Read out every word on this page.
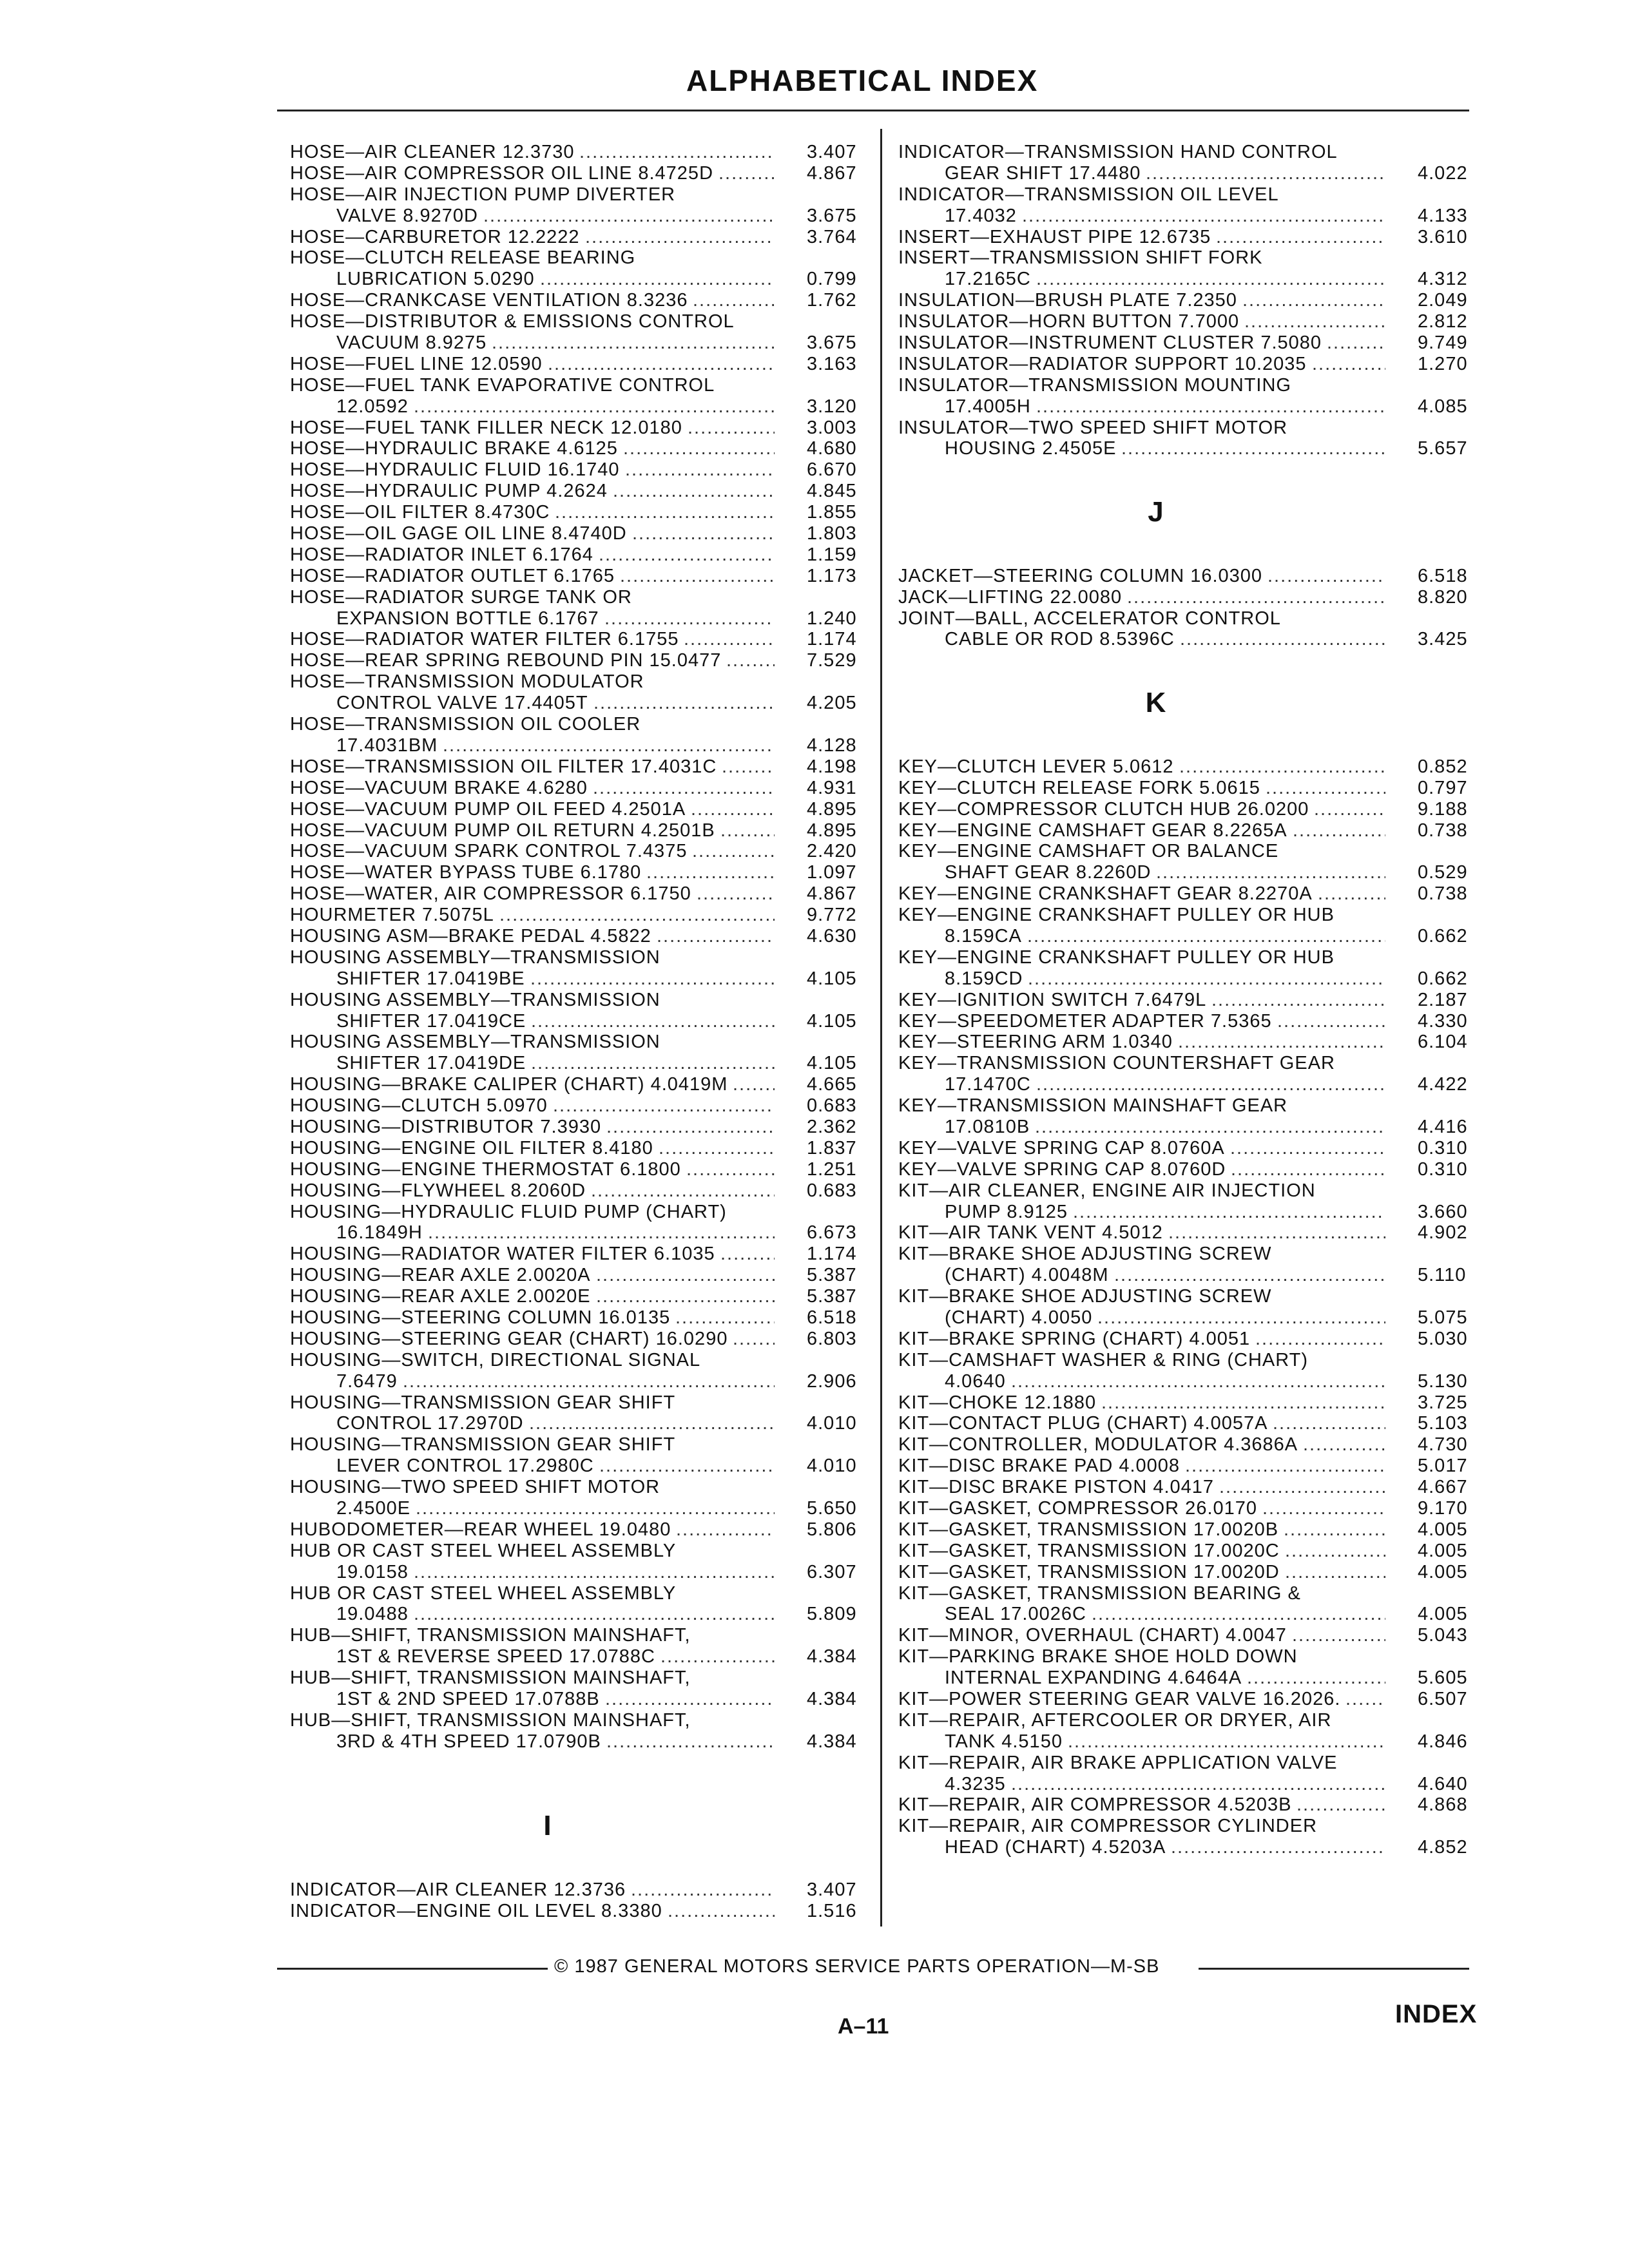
ALPHABETICAL INDEX
HOSE—AIR CLEANER 12.3730 .....	3.407
HOSE—AIR COMPRESSOR OIL LINE 8.4725D .....	4.867
HOSE—AIR INJECTION PUMP DIVERTER
VALVE 8.9270D .....	3.675
HOSE—CARBURETOR 12.2222 .....	3.764
HOSE—CLUTCH RELEASE BEARING
LUBRICATION 5.0290 .....	0.799
HOSE—CRANKCASE VENTILATION 8.3236 .....	1.762
HOSE—DISTRIBUTOR & EMISSIONS CONTROL
VACUUM 8.9275 .....	3.675
HOSE—FUEL LINE 12.0590 .....	3.163
HOSE—FUEL TANK EVAPORATIVE CONTROL
12.0592 .....	3.120
HOSE—FUEL TANK FILLER NECK 12.0180 .....	3.003
HOSE—HYDRAULIC BRAKE 4.6125 .....	4.680
HOSE—HYDRAULIC FLUID 16.1740 .....	6.670
HOSE—HYDRAULIC PUMP 4.2624 .....	4.845
HOSE—OIL FILTER 8.4730C .....	1.855
HOSE—OIL GAGE OIL LINE 8.4740D .....	1.803
HOSE—RADIATOR INLET 6.1764 .....	1.159
HOSE—RADIATOR OUTLET 6.1765 .....	1.173
HOSE—RADIATOR SURGE TANK OR
EXPANSION BOTTLE 6.1767 .....	1.240
HOSE—RADIATOR WATER FILTER 6.1755 .....	1.174
HOSE—REAR SPRING REBOUND PIN 15.0477 .....	7.529
HOSE—TRANSMISSION MODULATOR
CONTROL VALVE 17.4405T .....	4.205
HOSE—TRANSMISSION OIL COOLER
17.4031BM .....	4.128
HOSE—TRANSMISSION OIL FILTER 17.4031C .....	4.198
HOSE—VACUUM BRAKE 4.6280 .....	4.931
HOSE—VACUUM PUMP OIL FEED 4.2501A .....	4.895
HOSE—VACUUM PUMP OIL RETURN 4.2501B .....	4.895
HOSE—VACUUM SPARK CONTROL 7.4375 .....	2.420
HOSE—WATER BYPASS TUBE 6.1780 .....	1.097
HOSE—WATER, AIR COMPRESSOR 6.1750 .....	4.867
HOURMETER 7.5075L .....	9.772
HOUSING ASM—BRAKE PEDAL 4.5822 .....	4.630
HOUSING ASSEMBLY—TRANSMISSION
SHIFTER 17.0419BE .....	4.105
HOUSING ASSEMBLY—TRANSMISSION
SHIFTER 17.0419CE .....	4.105
HOUSING ASSEMBLY—TRANSMISSION
SHIFTER 17.0419DE .....	4.105
HOUSING—BRAKE CALIPER (CHART) 4.0419M .....	4.665
HOUSING—CLUTCH 5.0970 .....	0.683
HOUSING—DISTRIBUTOR 7.3930 .....	2.362
HOUSING—ENGINE OIL FILTER 8.4180 .....	1.837
HOUSING—ENGINE THERMOSTAT 6.1800 .....	1.251
HOUSING—FLYWHEEL 8.2060D .....	0.683
HOUSING—HYDRAULIC FLUID PUMP (CHART)
16.1849H .....	6.673
HOUSING—RADIATOR WATER FILTER 6.1035 .....	1.174
HOUSING—REAR AXLE 2.0020A .....	5.387
HOUSING—REAR AXLE 2.0020E .....	5.387
HOUSING—STEERING COLUMN 16.0135 .....	6.518
HOUSING—STEERING GEAR (CHART) 16.0290 .....	6.803
HOUSING—SWITCH, DIRECTIONAL SIGNAL
7.6479 .....	2.906
HOUSING—TRANSMISSION GEAR SHIFT
CONTROL 17.2970D .....	4.010
HOUSING—TRANSMISSION GEAR SHIFT
LEVER CONTROL 17.2980C .....	4.010
HOUSING—TWO SPEED SHIFT MOTOR
2.4500E .....	5.650
HUBODOMETER—REAR WHEEL 19.0480 .....	5.806
HUB OR CAST STEEL WHEEL ASSEMBLY
19.0158 .....	6.307
HUB OR CAST STEEL WHEEL ASSEMBLY
19.0488 .....	5.809
HUB—SHIFT, TRANSMISSION MAINSHAFT,
1ST & REVERSE SPEED 17.0788C .....	4.384
HUB—SHIFT, TRANSMISSION MAINSHAFT,
1ST & 2ND SPEED 17.0788B .....	4.384
HUB—SHIFT, TRANSMISSION MAINSHAFT,
3RD & 4TH SPEED 17.0790B .....	4.384
I
INDICATOR—AIR CLEANER 12.3736 .....	3.407
INDICATOR—ENGINE OIL LEVEL 8.3380 .....	1.516
INDICATOR—TRANSMISSION HAND CONTROL
GEAR SHIFT 17.4480 .....	4.022
INDICATOR—TRANSMISSION OIL LEVEL
17.4032 .....	4.133
INSERT—EXHAUST PIPE 12.6735 .....	3.610
INSERT—TRANSMISSION SHIFT FORK
17.2165C .....	4.312
INSULATION—BRUSH PLATE 7.2350 .....	2.049
INSULATOR—HORN BUTTON 7.7000 .....	2.812
INSULATOR—INSTRUMENT CLUSTER 7.5080 .....	9.749
INSULATOR—RADIATOR SUPPORT 10.2035 .....	1.270
INSULATOR—TRANSMISSION MOUNTING
17.4005H .....	4.085
INSULATOR—TWO SPEED SHIFT MOTOR
HOUSING 2.4505E .....	5.657
J
JACKET—STEERING COLUMN 16.0300 .....	6.518
JACK—LIFTING 22.0080 .....	8.820
JOINT—BALL, ACCELERATOR CONTROL
CABLE OR ROD 8.5396C .....	3.425
K
KEY—CLUTCH LEVER 5.0612 .....	0.852
KEY—CLUTCH RELEASE FORK 5.0615 .....	0.797
KEY—COMPRESSOR CLUTCH HUB 26.0200 .....	9.188
KEY—ENGINE CAMSHAFT GEAR 8.2265A .....	0.738
KEY—ENGINE CAMSHAFT OR BALANCE
SHAFT GEAR 8.2260D .....	0.529
KEY—ENGINE CRANKSHAFT GEAR 8.2270A .....	0.738
KEY—ENGINE CRANKSHAFT PULLEY OR HUB
8.159CA .....	0.662
KEY—ENGINE CRANKSHAFT PULLEY OR HUB
8.159CD .....	0.662
KEY—IGNITION SWITCH 7.6479L .....	2.187
KEY—SPEEDOMETER ADAPTER 7.5365 .....	4.330
KEY—STEERING ARM 1.0340 .....	6.104
KEY—TRANSMISSION COUNTERSHAFT GEAR
17.1470C .....	4.422
KEY—TRANSMISSION MAINSHAFT GEAR
17.0810B .....	4.416
KEY—VALVE SPRING CAP 8.0760A .....	0.310
KEY—VALVE SPRING CAP 8.0760D .....	0.310
KIT—AIR CLEANER, ENGINE AIR INJECTION
PUMP 8.9125 .....	3.660
KIT—AIR TANK VENT 4.5012 .....	4.902
KIT—BRAKE SHOE ADJUSTING SCREW
(CHART) 4.0048M .....	5.110
KIT—BRAKE SHOE ADJUSTING SCREW
(CHART) 4.0050 .....	5.075
KIT—BRAKE SPRING (CHART) 4.0051 .....	5.030
KIT—CAMSHAFT WASHER & RING (CHART)
4.0640 .....	5.130
KIT—CHOKE 12.1880 .....	3.725
KIT—CONTACT PLUG (CHART) 4.0057A .....	5.103
KIT—CONTROLLER, MODULATOR 4.3686A .....	4.730
KIT—DISC BRAKE PAD 4.0008 .....	5.017
KIT—DISC BRAKE PISTON 4.0417 .....	4.667
KIT—GASKET, COMPRESSOR 26.0170 .....	9.170
KIT—GASKET, TRANSMISSION 17.0020B .....	4.005
KIT—GASKET, TRANSMISSION 17.0020C .....	4.005
KIT—GASKET, TRANSMISSION 17.0020D .....	4.005
KIT—GASKET, TRANSMISSION BEARING &
SEAL 17.0026C .....	4.005
KIT—MINOR, OVERHAUL (CHART) 4.0047 .....	5.043
KIT—PARKING BRAKE SHOE HOLD DOWN
INTERNAL EXPANDING 4.6464A .....	5.605
KIT—POWER STEERING GEAR VALVE 16.2026. .....	6.507
KIT—REPAIR, AFTERCOOLER OR DRYER, AIR
TANK 4.5150 .....	4.846
KIT—REPAIR, AIR BRAKE APPLICATION VALVE
4.3235 .....	4.640
KIT—REPAIR, AIR COMPRESSOR 4.5203B .....	4.868
KIT—REPAIR, AIR COMPRESSOR CYLINDER
HEAD (CHART) 4.5203A .....	4.852
© 1987 GENERAL MOTORS SERVICE PARTS OPERATION—M-SB
A–11	INDEX
